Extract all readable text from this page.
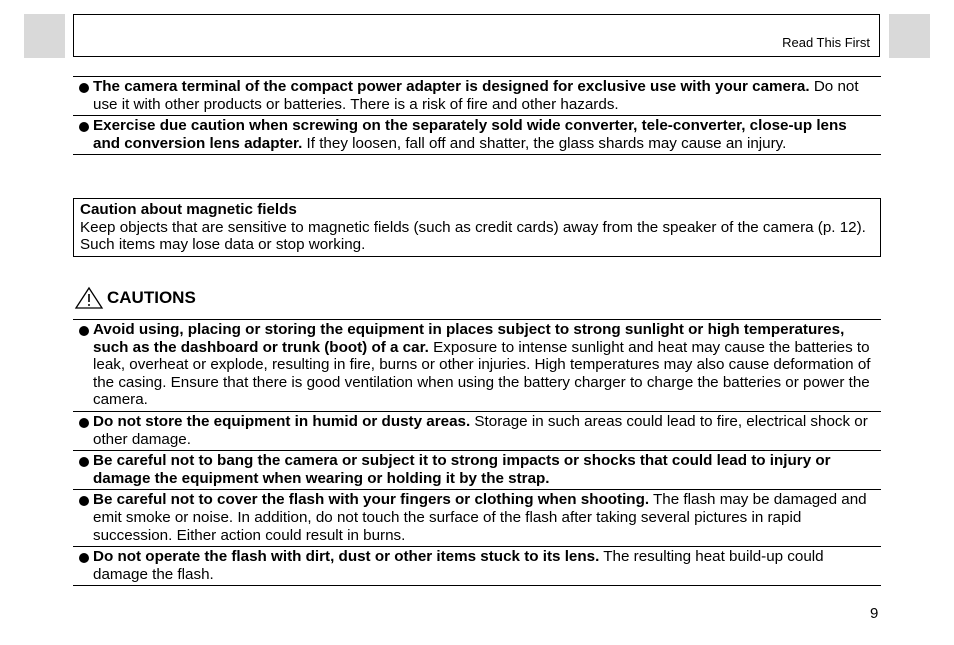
Read This First
The camera terminal of the compact power adapter is designed for exclusive use with your camera. Do not use it with other products or batteries. There is a risk of fire and other hazards.
Exercise due caution when screwing on the separately sold wide converter, tele-converter, close-up lens and conversion lens adapter. If they loosen, fall off and shatter, the glass shards may cause an injury.
Caution about magnetic fields
Keep objects that are sensitive to magnetic fields (such as credit cards) away from the speaker of the camera (p. 12). Such items may lose data or stop working.
CAUTIONS
Avoid using, placing or storing the equipment in places subject to strong sunlight or high temperatures, such as the dashboard or trunk (boot) of a car. Exposure to intense sunlight and heat may cause the batteries to leak, overheat or explode, resulting in fire, burns or other injuries. High temperatures may also cause deformation of the casing. Ensure that there is good ventilation when using the battery charger to charge the batteries or power the camera.
Do not store the equipment in humid or dusty areas. Storage in such areas could lead to fire, electrical shock or other damage.
Be careful not to bang the camera or subject it to strong impacts or shocks that could lead to injury or damage the equipment when wearing or holding it by the strap.
Be careful not to cover the flash with your fingers or clothing when shooting. The flash may be damaged and emit smoke or noise. In addition, do not touch the surface of the flash after taking several pictures in rapid succession. Either action could result in burns.
Do not operate the flash with dirt, dust or other items stuck to its lens. The resulting heat build-up could damage the flash.
9
